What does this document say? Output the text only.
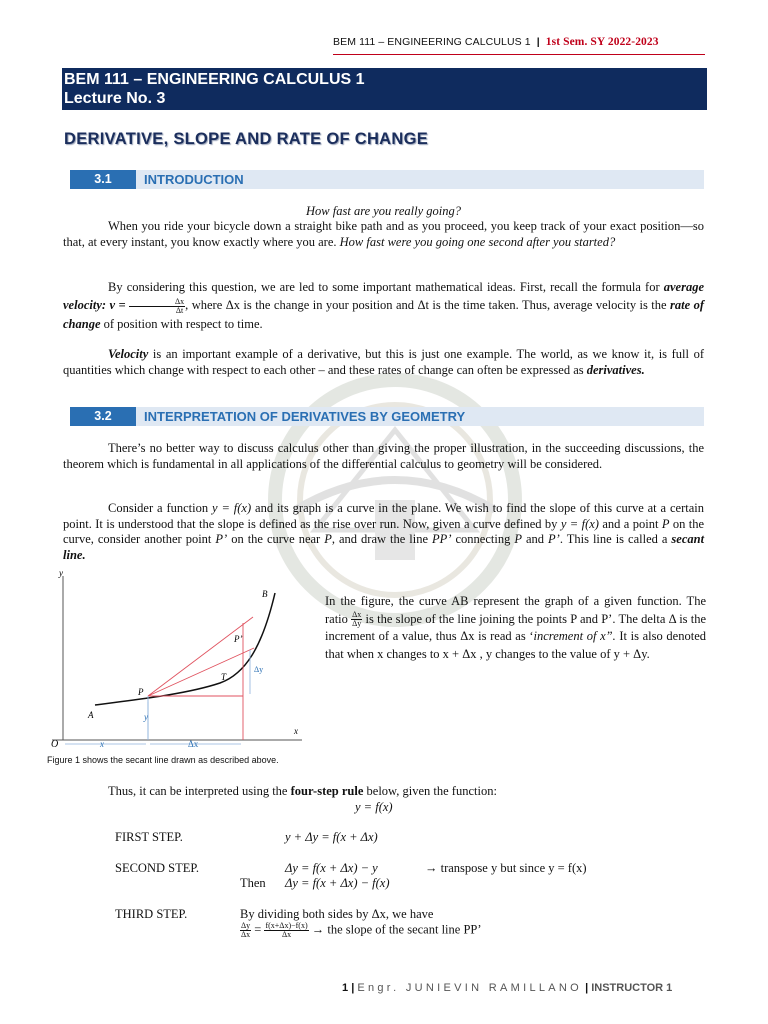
BEM 111 – ENGINEERING CALCULUS 1 | 1st Sem. SY 2022-2023
BEM 111 – ENGINEERING CALCULUS 1
Lecture No. 3
DERIVATIVE, SLOPE AND RATE OF CHANGE
3.1	INTRODUCTION
How fast are you really going?
When you ride your bicycle down a straight bike path and as you proceed, you keep track of your exact position—so that, at every instant, you know exactly where you are. How fast were you going one second after you started?
By considering this question, we are led to some important mathematical ideas. First, recall the formula for average velocity: $v = \frac{\Delta x}{\Delta t}$ , where Δx is the change in your position and Δt is the time taken. Thus, average velocity is the rate of change of position with respect to time.
Velocity is an important example of a derivative, but this is just one example. The world, as we know it, is full of quantities which change with respect to each other – and these rates of change can often be expressed as derivatives.
3.2	INTERPRETATION OF DERIVATIVES BY GEOMETRY
There’s no better way to discuss calculus other than giving the proper illustration, in the succeeding discussions, the theorem which is fundamental in all applications of the differential calculus to geometry will be considered.
Consider a function y = f(x) and its graph is a curve in the plane. We wish to find the slope of this curve at a certain point. It is understood that the slope is defined as the rise over run. Now, given a curve defined by y = f(x) and a point P on the curve, consider another point P’ on the curve near P, and draw the line PP’ connecting P and P’. This line is called a secant line.
y
x
O
A
B
P
P’
T
Δy
y
x	Δx
Figure 1 shows the secant line drawn as described above.
In the figure, the curve AB represent the graph of a given function. The ratio $\frac{\Delta x}{\Delta y}$ is the slope of the line joining the points P and P’. The delta Δ is the increment of a value, thus Δx is read as ‘increment of x”. It is also denoted that when x changes to x + Δx , y changes to the value of y + Δy.
Thus, it can be interpreted using the four-step rule below, given the function:
y = f(x)
FIRST STEP.	y + Δy = f(x + Δx)
SECOND STEP.	Δy = f(x + Δx) − y	→ transpose y but since y = f(x)
Then Δy = f(x + Δx) − f(x)
THIRD STEP.	By dividing both sides by Δx, we have
$\frac{\Delta y}{\Delta x} = \frac{f(x+\Delta x)-f(x)}{\Delta x}$ → the slope of the secant line PP’
1 | Engr. JUNIEVIN RAMILLANO | INSTRUCTOR 1
